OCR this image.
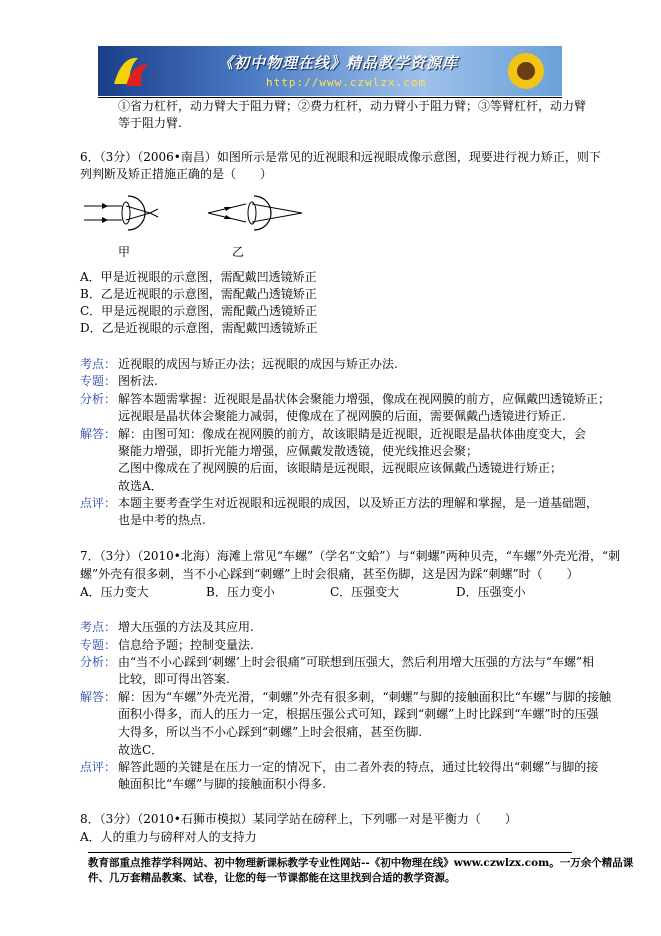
《初中物理在线》精品教学资源库
http://www.czwlzx.com
①省力杠杆，动力臂大于阻力臂；②费力杠杆，动力臂小于阻力臂；③等臂杠杆，动力臂
等于阻力臂.
6．（3分）（2006•南昌）如图所示是常见的近视眼和远视眼成像示意图，现要进行视力矫正，则下
列判断及矫正措施正确的是（　　）
甲	乙
A．甲是近视眼的示意图，需配戴凹透镜矫正
B．乙是近视眼的示意图，需配戴凸透镜矫正
C．甲是远视眼的示意图，需配戴凸透镜矫正
D．乙是近视眼的示意图，需配戴凹透镜矫正
考点： 近视眼的成因与矫正办法；远视眼的成因与矫正办法.
专题： 图析法.
分析： 解答本题需掌握：近视眼是晶状体会聚能力增强，像成在视网膜的前方，应佩戴凹透镜矫正；
远视眼是晶状体会聚能力减弱，使像成在了视网膜的后面，需要佩戴凸透镜进行矫正.
解答： 解：由图可知：像成在视网膜的前方，故该眼睛是近视眼，近视眼是晶状体曲度变大，会
聚能力增强，即折光能力增强，应佩戴发散透镜，使光线推迟会聚；
乙图中像成在了视网膜的后面，该眼睛是远视眼，远视眼应该佩戴凸透镜进行矫正；
故选A．
点评： 本题主要考查学生对近视眼和远视眼的成因，以及矫正方法的理解和掌握，是一道基础题，
也是中考的热点.
7．（3分）（2010•北海）海滩上常见“车螺”（学名“文蛤”）与“刺螺”两种贝壳，“车螺”外壳光滑，“刺
螺”外壳有很多刺，当不小心踩到“刺螺”上时会很痛，甚至伤脚，这是因为踩“刺螺”时（　　）
A．压力变大	B．压力变小	C．压强变大	D．压强变小
考点： 增大压强的方法及其应用.
专题： 信息给予题；控制变量法.
分析： 由“当不小心踩到‘刺螺’上时会很痛”可联想到压强大，然后利用增大压强的方法与“车螺”相
比较，即可得出答案.
解答： 解：因为“车螺”外壳光滑，“刺螺”外壳有很多刺，“刺螺”与脚的接触面积比“车螺”与脚的接触
面积小得多，而人的压力一定，根据压强公式可知，踩到“刺螺”上时比踩到“车螺”时的压强
大得多，所以当不小心踩到“刺螺”上时会很痛，甚至伤脚.
故选C．
点评： 解答此题的关键是在压力一定的情况下，由二者外表的特点，通过比较得出“刺螺”与脚的接
触面积比“车螺”与脚的接触面积小得多.
8．（3分）（2010•石狮市模拟）某同学站在磅秤上，下列哪一对是平衡力（　　）
A．人的重力与磅秤对人的支持力
教育部重点推荐学科网站、初中物理新课标教学专业性网站--《初中物理在线》www.czwlzx.com。一万余个精品课
件、几万套精品教案、试卷，让您的每一节课都能在这里找到合适的教学资源。
